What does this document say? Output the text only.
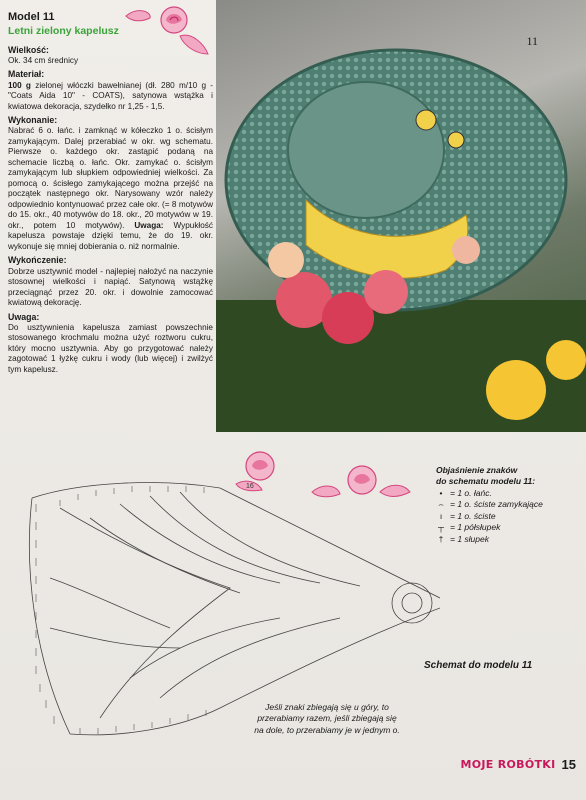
Model 11

Letni zielony kapelusz

Wielkość:

Ok. 34 cm średnicy

Materiał:

100 g zielonej włóczki bawełnianej (dł. 280 m/10 g - "Coats Aida 10" - COATS), satynowa wstążka i kwiatowa dekoracja, szydełko nr 1,25 - 1,5.

Wykonanie:

Nabrać 6 o. łańc. i zamknąć w kółeczko 1 o. ścisłym zamykającym. Dalej przerabiać w okr. wg schematu. Pierwsze o. każdego okr. zastąpić podaną na schemacie liczbą o. łańc. Okr. zamykać o. ścisłym zamykającym lub słupkiem odpowiedniej wielkości. Za pomocą o. ścisłego zamykającego można przejść na początek następnego okr. Narysowany wzór należy odpowiednio kontynuować przez całe okr. (= 8 motywów do 15. okr., 40 motywów do 18. okr., 20 motywów w 19. okr., potem 10 motywów). Uwaga: Wypukłość kapelusza powstaje dzięki temu, że do 19. okr. wykonuje się mniej dobierania o. niż normalnie.

Wykończenie:

Dobrze usztywnić model - najlepiej nałożyć na naczynie stosownej wielkości i napiąć. Satynową wstążkę przeciągnąć przez 20. okr. i dowolnie zamocować kwiatową dekorację.

Uwaga:

Do usztywnienia kapelusza zamiast powszechnie stosowanego krochmalu można użyć roztworu cukru, który mocno usztywnia. Aby go przygotować należy zagotować 1 łyżkę cukru i wody (lub więcej) i zwilżyć tym kapelusz.

11
16
Objaśnienie znaków
do schematu modelu 11:
• = 1 o. łańc.
⌢ = 1 o. ściste zamykające
ı = 1 o. ściste
┬ = 1 półsłupek
† = 1 słupek
Schemat do modelu 11
Jeśli znaki zbiegają się u góry, to przerabiamy razem, jeśli zbiegają się na dole, to przerabiamy je w jednym o.
MOJE ROBÓTKI 15
